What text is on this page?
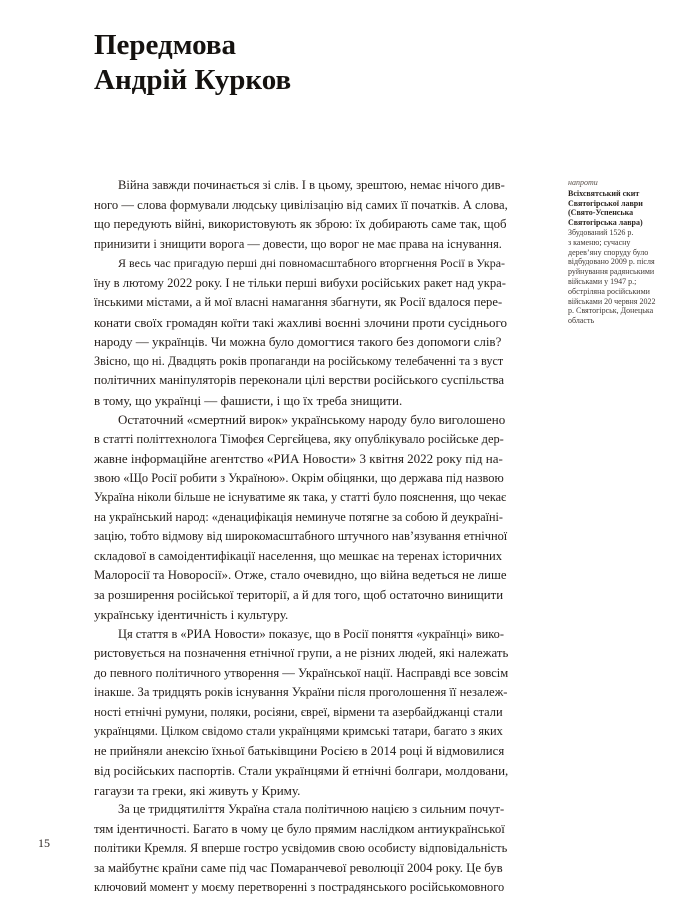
Передмова
Андрій Курков
Війна завжди починається зі слів. І в цьому, зрештою, немає нічого див-
ного — слова формували людську цивілізацію від самих її початків. А слова,
що передують війні, використовують як зброю: їх добирають саме так, щоб
принизити і знищити ворога — довести, що ворог не має права на існування.
Я весь час пригадую перші дні повномасштабного вторгнення Росії в Укра-
їну в лютому 2022 року. І не тільки перші вибухи російських ракет над укра-
їнськими містами, а й мої власні намагання збагнути, як Росії вдалося пере-
конати своїх громадян коїти такі жахливі воєнні злочини проти сусіднього
народу — українців. Чи можна було домогтися такого без допомоги слів?
Звісно, що ні. Двадцять років пропаганди на російському телебаченні та з вуст
політичних маніпуляторів переконали цілі верстви російського суспільства
в тому, що українці — фашисти, і що їх треба знищити.
Остаточний «смертний вирок» українському народу було виголошено
в статті політтехнолога Тімофєя Сергєйцева, яку опублікувало російське дер-
жавне інформаційне агентство «РИА Новости» 3 квітня 2022 року під на-
звою «Що Росії робити з Україною». Окрім обіцянки, що держава під назвою
Україна ніколи більше не існуватиме як така, у статті було пояснення, що чекає
на український народ: «денацифікація неминуче потягне за собою й деукраїні-
зацію, тобто відмову від широкомасштабного штучного нав’язування етнічної
складової в самоідентифікації населення, що мешкає на теренах історичних
Малоросії та Новоросії». Отже, стало очевидно, що війна ведеться не лише
за розширення російської території, а й для того, щоб остаточно винищити
українську ідентичність і культуру.
Ця стаття в «РИА Новости» показує, що в Росії поняття «українці» вико-
ристовується на позначення етнічної групи, а не різних людей, які належать
до певного політичного утворення — Української нації. Насправді все зовсім
інакше. За тридцять років існування України після проголошення її незалеж-
ності етнічні румуни, поляки, росіяни, євреї, вірмени та азербайджанці стали
українцями. Цілком свідомо стали українцями кримські татари, багато з яких
не прийняли анексію їхньої батьківщини Росією в 2014 році й відмовилися
від російських паспортів. Стали українцями й етнічні болгари, молдовани,
гагаузи та греки, які живуть у Криму.
За це тридцятиліття Україна стала політичною нацією з сильним почут-
тям ідентичності. Багато в чому це було прямим наслідком антиукраїнської
політики Кремля. Я вперше гостро усвідомив свою особисту відповідальність
за майбутнє країни саме під час Помаранчевої революції 2004 року. Це був
ключовий момент у моєму перетворенні з пострадянського російськомовного
напроти
Всіхсвятський скит
Святогірської лаври
(Свято-Успенська
Святогірська лавра)
Збудований 1526 р.
з каменю; сучасну
дерев’яну споруду було
відбудовано 2009 р. після
руйнування радянськими
військами у 1947 р.;
обстріляна російськими
військами 20 червня 2022
р. Святогірськ, Донецька
область
15
